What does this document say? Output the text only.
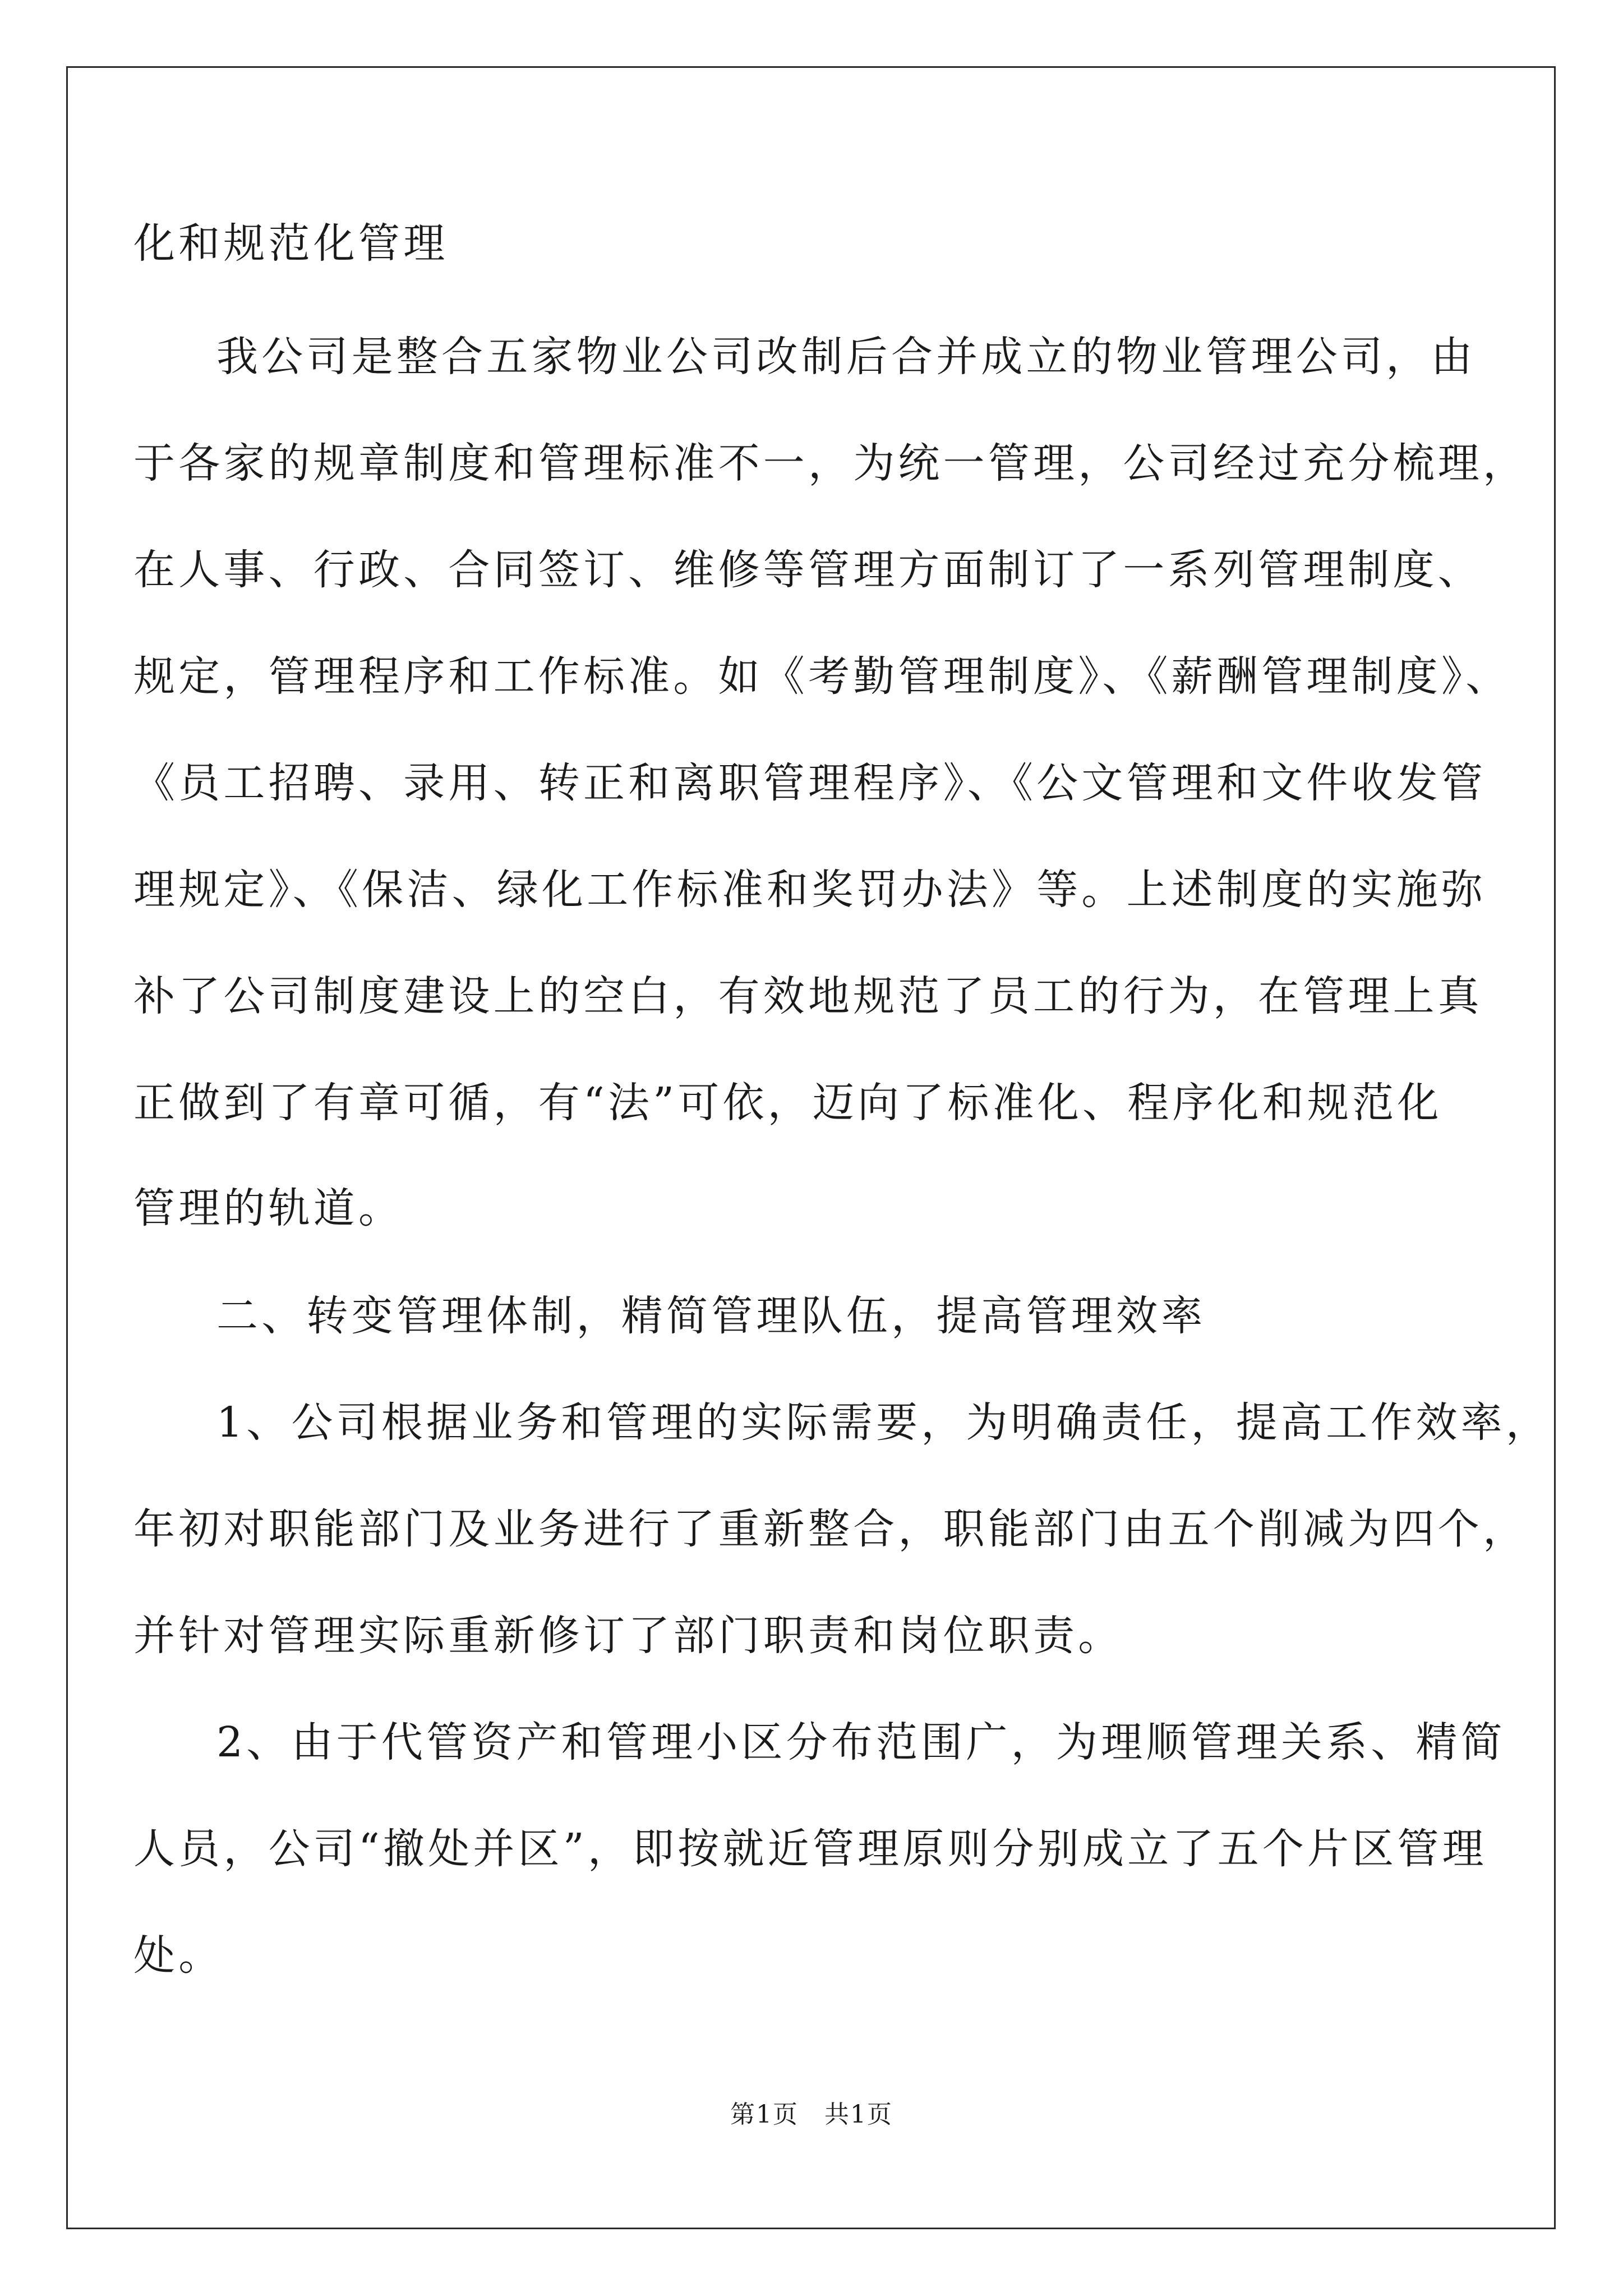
化和规范化管理
我公司是整合五家物业公司改制后合并成立的物业管理公司，由
于各家的规章制度和管理标准不一，为统一管理，公司经过充分梳理，
在人事、行政、合同签订、维修等管理方面制订了一系列管理制度、
规定，管理程序和工作标准。如《考勤管理制度》、《薪酬管理制度》、
《员工招聘、录用、转正和离职管理程序》、《公文管理和文件收发管
理规定》、《保洁、绿化工作标准和奖罚办法》等。上述制度的实施弥
补了公司制度建设上的空白，有效地规范了员工的行为，在管理上真
正做到了有章可循，有“法”可依，迈向了标准化、程序化和规范化
管理的轨道。
二、转变管理体制，精简管理队伍，提高管理效率
1、公司根据业务和管理的实际需要，为明确责任，提高工作效率，
年初对职能部门及业务进行了重新整合，职能部门由五个削减为四个，
并针对管理实际重新修订了部门职责和岗位职责。
2、由于代管资产和管理小区分布范围广，为理顺管理关系、精简
人员，公司“撤处并区”，即按就近管理原则分别成立了五个片区管理
处。
第1页　共1页
